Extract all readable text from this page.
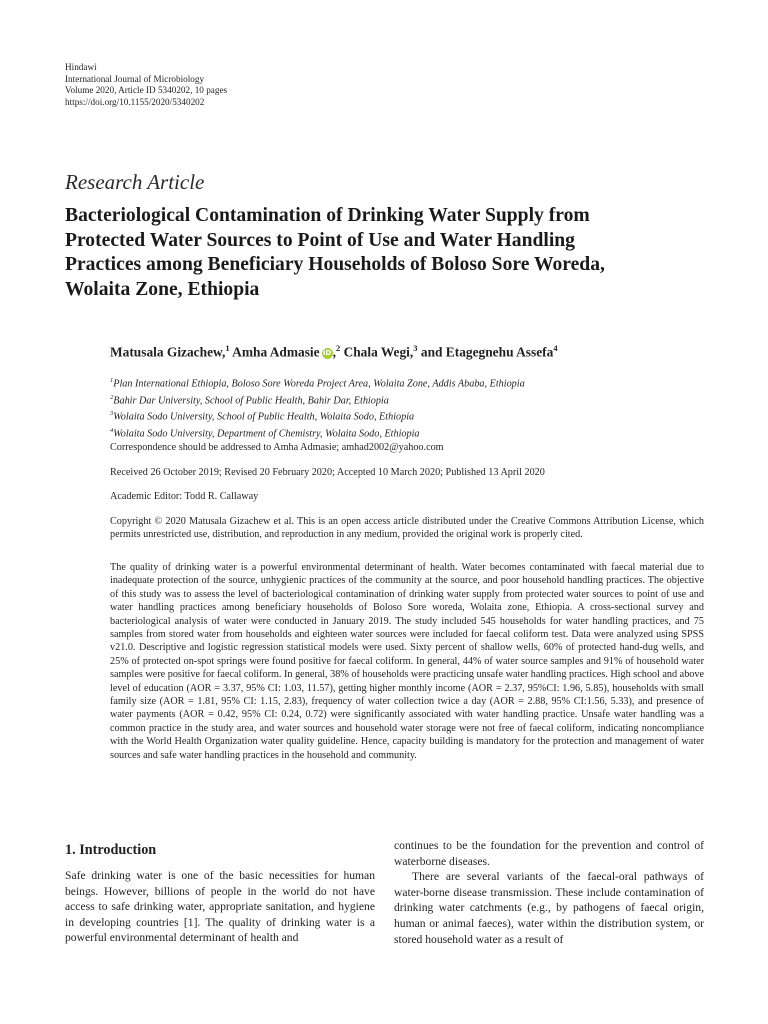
Hindawi
International Journal of Microbiology
Volume 2020, Article ID 5340202, 10 pages
https://doi.org/10.1155/2020/5340202
Research Article
Bacteriological Contamination of Drinking Water Supply from
Protected Water Sources to Point of Use and Water Handling
Practices among Beneficiary Households of Boloso Sore Woreda,
Wolaita Zone, Ethiopia
Matusala Gizachew,$^1$ Amha Admasie iD,$^2$ Chala Wegi,$^3$ and Etagegnehu Assefa$^4$
$^1$Plan International Ethiopia, Boloso Sore Woreda Project Area, Wolaita Zone, Addis Ababa, Ethiopia
$^2$Bahir Dar University, School of Public Health, Bahir Dar, Ethiopia
$^3$Wolaita Sodo University, School of Public Health, Wolaita Sodo, Ethiopia
$^4$Wolaita Sodo University, Department of Chemistry, Wolaita Sodo, Ethiopia
Correspondence should be addressed to Amha Admasie; amhad2002@yahoo.com
Received 26 October 2019; Revised 20 February 2020; Accepted 10 March 2020; Published 13 April 2020
Academic Editor: Todd R. Callaway
Copyright © 2020 Matusala Gizachew et al. This is an open access article distributed under the Creative Commons Attribution License, which permits unrestricted use, distribution, and reproduction in any medium, provided the original work is properly cited.
The quality of drinking water is a powerful environmental determinant of health. Water becomes contaminated with faecal material due to inadequate protection of the source, unhygienic practices of the community at the source, and poor household handling practices. The objective of this study was to assess the level of bacteriological contamination of drinking water supply from protected water sources to point of use and water handling practices among beneficiary households of Boloso Sore woreda, Wolaita zone, Ethiopia. A cross-sectional survey and bacteriological analysis of water were conducted in January 2019. The study included 545 households for water handling practices, and 75 samples from stored water from households and eighteen water sources were included for faecal coliform test. Data were analyzed using SPSS v21.0. Descriptive and logistic regression statistical models were used. Sixty percent of shallow wells, 60% of protected hand-dug wells, and 25% of protected on-spot springs were found positive for faecal coliform. In general, 44% of water source samples and 91% of household water samples were positive for faecal coliform. In general, 38% of households were practicing unsafe water handling practices. High school and above level of education (AOR = 3.37, 95% CI: 1.03, 11.57), getting higher monthly income (AOR = 2.37, 95%CI: 1.96, 5.85), households with small family size (AOR = 1.81, 95% CI: 1.15, 2.83), frequency of water collection twice a day (AOR = 2.88, 95% CI:1.56, 5.33), and presence of water payments (AOR = 0.42, 95% CI: 0.24, 0.72) were significantly associated with water handling practice. Unsafe water handling was a common practice in the study area, and water sources and household water storage were not free of faecal coliform, indicating noncompliance with the World Health Organization water quality guideline. Hence, capacity building is mandatory for the protection and management of water sources and safe water handling practices in the household and community.
1. Introduction

Safe drinking water is one of the basic necessities for human beings. However, billions of people in the world do not have access to safe drinking water, appropriate sanitation, and hygiene in developing countries [1]. The quality of drinking water is a powerful environmental determinant of health and

continues to be the foundation for the prevention and control of waterborne diseases.

There are several variants of the faecal-oral pathways of water-borne disease transmission. These include contamination of drinking water catchments (e.g., by pathogens of faecal origin, human or animal faeces), water within the distribution system, or stored household water as a result of
